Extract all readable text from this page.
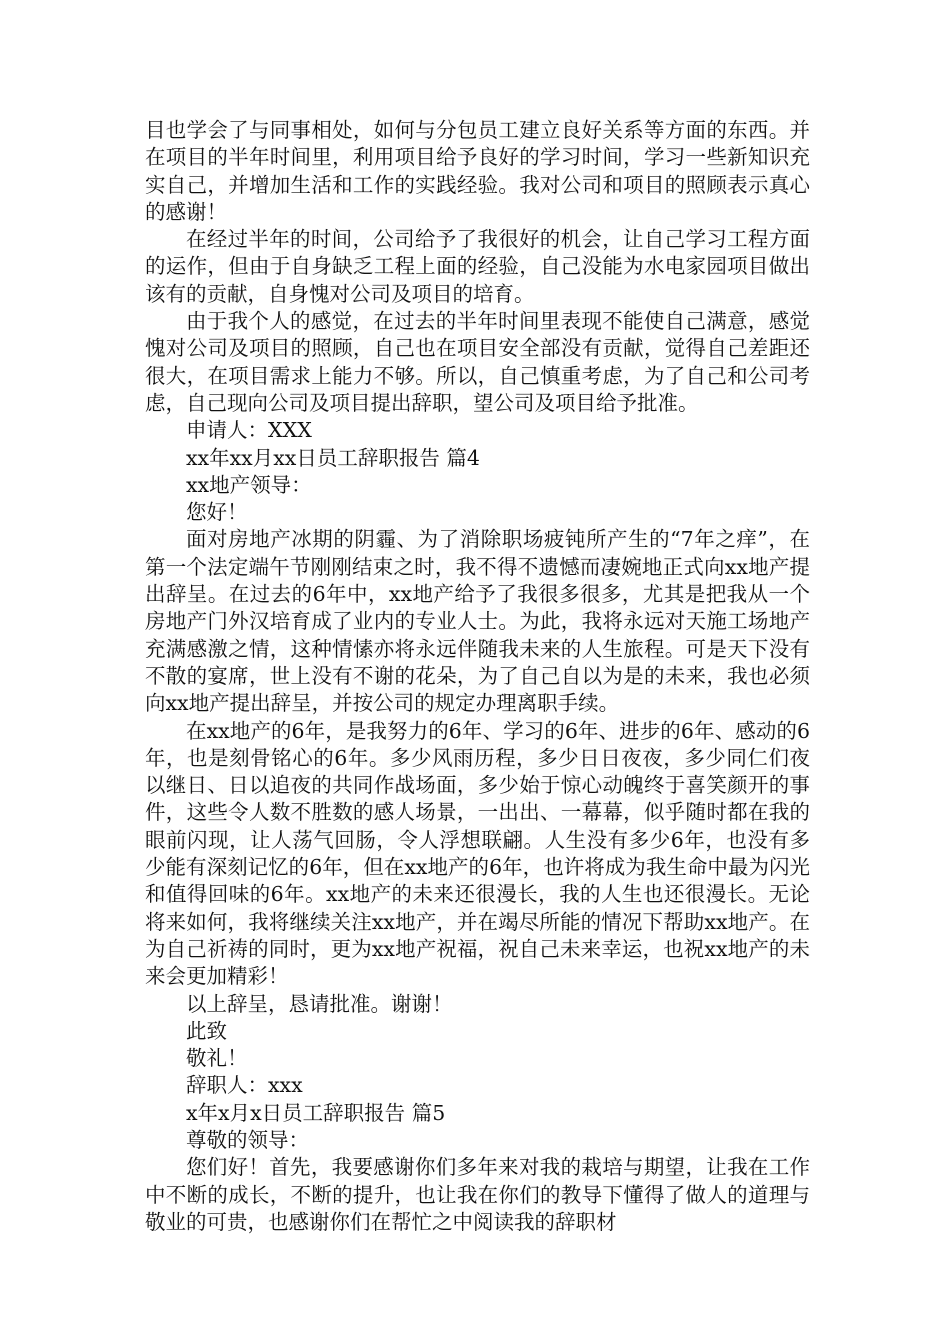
目也学会了与同事相处，如何与分包员工建立良好关系等方面的东西。并在项目的半年时间里，利用项目给予良好的学习时间，学习一些新知识充实自己，并增加生活和工作的实践经验。我对公司和项目的照顾表示真心的感谢！

在经过半年的时间，公司给予了我很好的机会，让自己学习工程方面的运作，但由于自身缺乏工程上面的经验，自己没能为水电家园项目做出该有的贡献，自身愧对公司及项目的培育。

由于我个人的感觉，在过去的半年时间里表现不能使自己满意，感觉愧对公司及项目的照顾，自己也在项目安全部没有贡献，觉得自己差距还很大，在项目需求上能力不够。所以，自己慎重考虑，为了自己和公司考虑，自己现向公司及项目提出辞职，望公司及项目给予批准。

申请人：XXX

xx年xx月xx日员工辞职报告 篇4

xx地产领导：

您好！

面对房地产冰期的阴霾、为了消除职场疲钝所产生的“7年之痒”，在第一个法定端午节刚刚结束之时，我不得不遗憾而凄婉地正式向xx地产提出辞呈。在过去的6年中，xx地产给予了我很多很多，尤其是把我从一个房地产门外汉培育成了业内的专业人士。为此，我将永远对天施工场地产充满感激之情，这种情愫亦将永远伴随我未来的人生旅程。可是天下没有不散的宴席，世上没有不谢的花朵，为了自己自以为是的未来，我也必须向xx地产提出辞呈，并按公司的规定办理离职手续。

在xx地产的6年，是我努力的6年、学习的6年、进步的6年、感动的6年，也是刻骨铭心的6年。多少风雨历程，多少日日夜夜，多少同仁们夜以继日、日以追夜的共同作战场面，多少始于惊心动魄终于喜笑颜开的事件，这些令人数不胜数的感人场景，一出出、一幕幕，似乎随时都在我的眼前闪现，让人荡气回肠，令人浮想联翩。人生没有多少6年，也没有多少能有深刻记忆的6年，但在xx地产的6年，也许将成为我生命中最为闪光和值得回味的6年。xx地产的未来还很漫长，我的人生也还很漫长。无论将来如何，我将继续关注xx地产，并在竭尽所能的情况下帮助xx地产。在为自己祈祷的同时，更为xx地产祝福，祝自己未来幸运，也祝xx地产的未来会更加精彩！

以上辞呈，恳请批准。谢谢！

此致

敬礼！

辞职人：xxx

x年x月x日员工辞职报告 篇5

尊敬的领导：

您们好！首先，我要感谢你们多年来对我的栽培与期望，让我在工作中不断的成长，不断的提升，也让我在你们的教导下懂得了做人的道理与敬业的可贵，也感谢你们在帮忙之中阅读我的辞职材
